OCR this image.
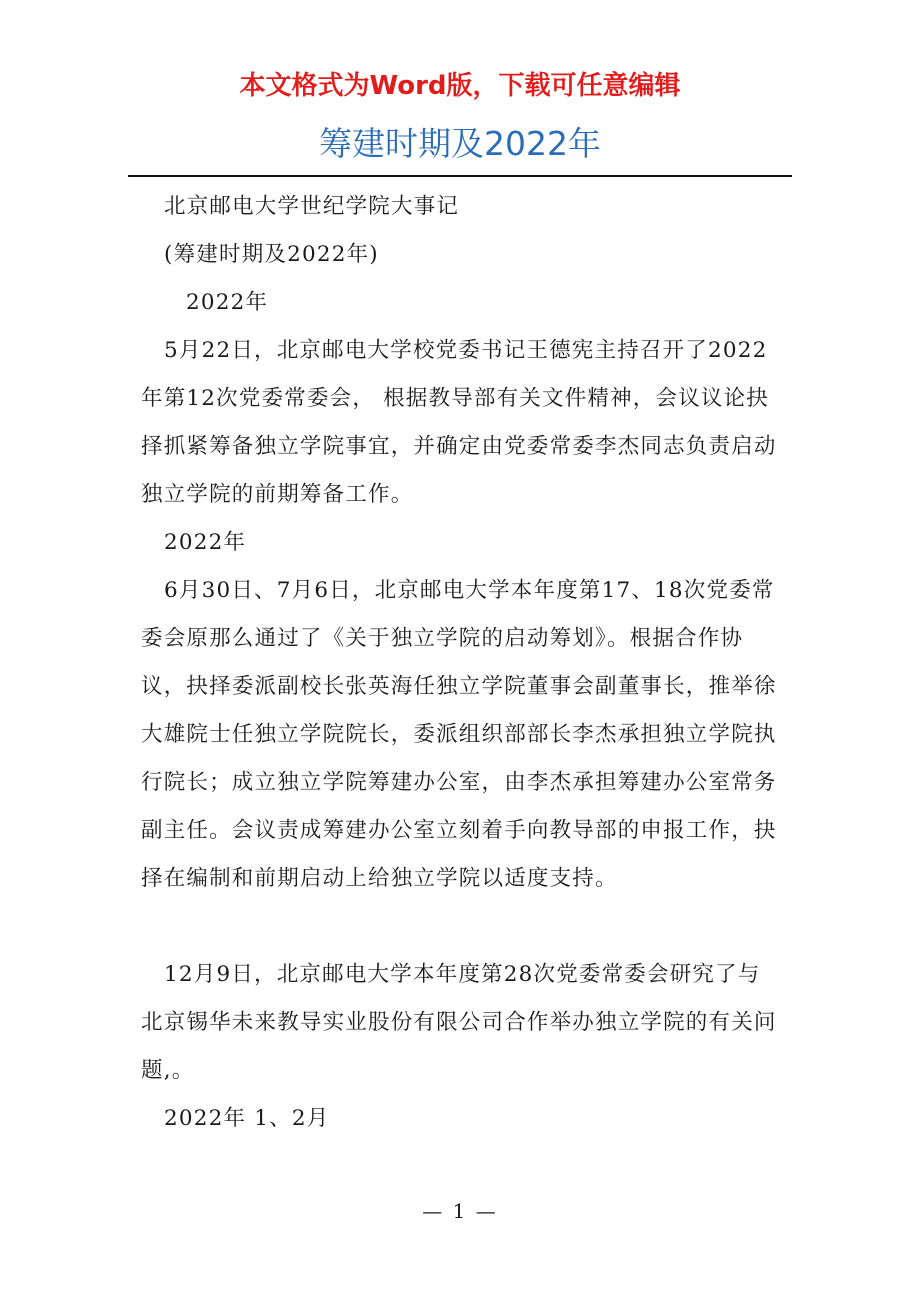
本文格式为Word版，下载可任意编辑
筹建时期及2022年

北京邮电大学世纪学院大事记

(筹建时期及2022年)

2022年

5月22日，北京邮电大学校党委书记王德宪主持召开了2022年第12次党委常委会， 根据教导部有关文件精神，会议议论抉择抓紧筹备独立学院事宜，并确定由党委常委李杰同志负责启动独立学院的前期筹备工作。

2022年

6月30日、7月6日，北京邮电大学本年度第17、18次党委常委会原那么通过了《关于独立学院的启动筹划》。根据合作协议，抉择委派副校长张英海任独立学院董事会副董事长，推举徐大雄院士任独立学院院长，委派组织部部长李杰承担独立学院执行院长；成立独立学院筹建办公室，由李杰承担筹建办公室常务副主任。会议责成筹建办公室立刻着手向教导部的申报工作，抉择在编制和前期启动上给独立学院以适度支持。

12月9日，北京邮电大学本年度第28次党委常委会研究了与北京锡华未来教导实业股份有限公司合作举办独立学院的有关问题,。

2022年 1、2月

— 1 —
